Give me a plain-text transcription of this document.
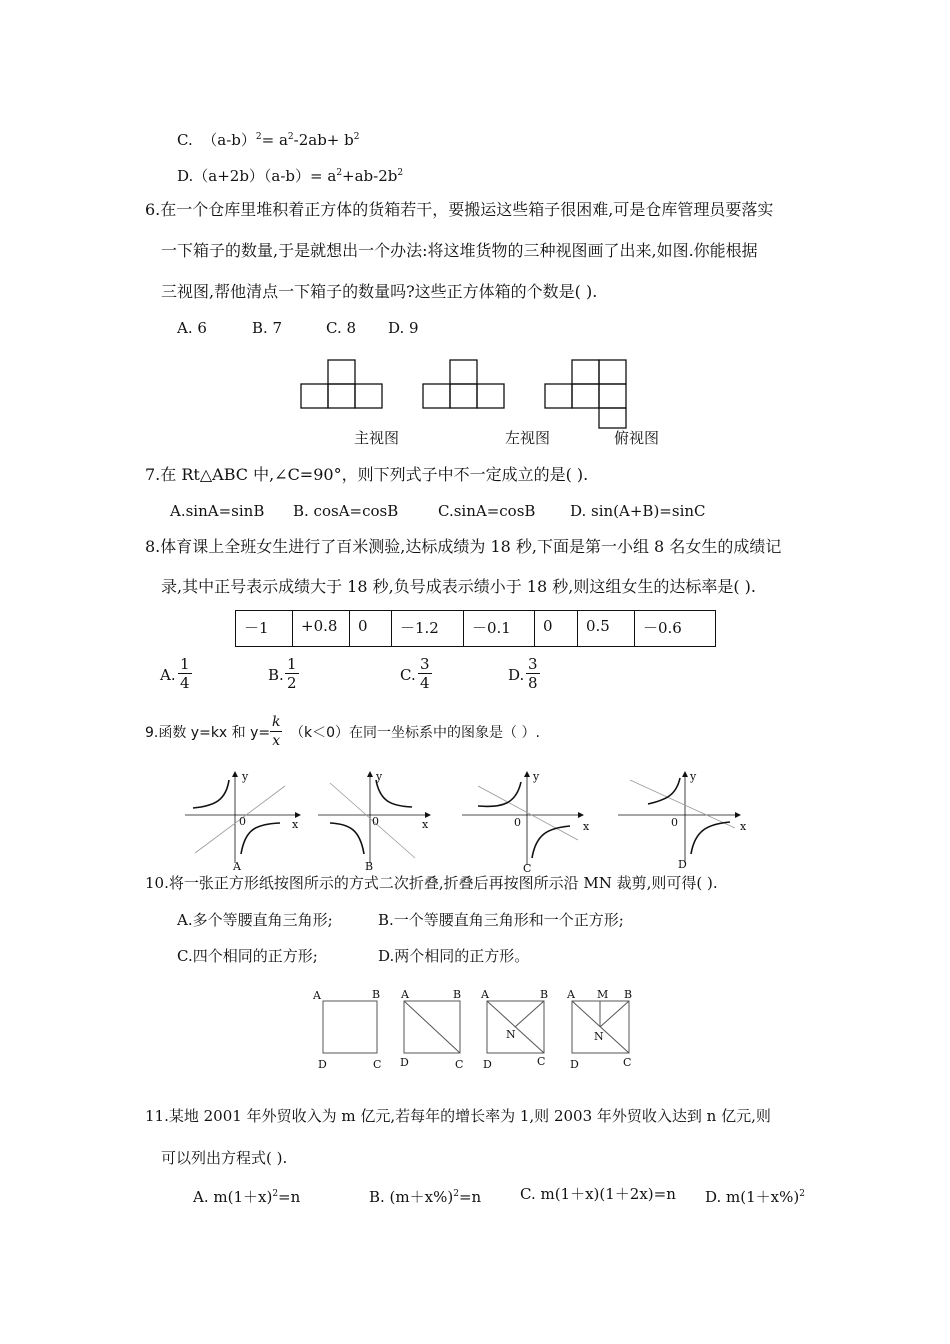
C. $(a-b)^2= a^2-2ab+ b^2$
$D.(a+2b)(a-b)= a^2+ab-2b^2$
6.在一个仓库里堆积着正方体的货箱若干，要搬运这些箱子很困难,可是仓库管理员要落实
一下箱子的数量,于是就想出一个办法:将这堆货物的三种视图画了出来,如图.你能根据
三视图,帮他清点一下箱子的数量吗?这些正方体箱的个数是( ).
A. 6	B. 7	C. 8 D. 9
主视图	左视图	俯视图
7.在 Rt△ABC 中,∠C=90°，则下列式子中不一定成立的是( ).
A.sinA=sinB B. cosA=cosB	C.sinA=cosB D. sin(A+B)=sinC
8.体育课上全班女生进行了百米测验,达标成绩为 18 秒,下面是第一小组 8 名女生的成绩记
录,其中正号表示成绩大于 18 秒,负号成表示绩小于 18 秒,则这组女生的达标率是( ).
－1	+0.8	0	－1.2	－0.1	0	0.5	－0.6
A. $\frac{1}{4}$	B. $\frac{1}{2}$	C. $\frac{3}{4}$	D. $\frac{3}{8}$
9.函数 y=kx 和 $y= \frac{k}{x} (k<0)$在同一坐标系中的图象是（ ）.
y
x
0
A
y
x
0
B
y
x
0
C
y
x
0
D
10.将一张正方形纸按图所示的方式二次折叠,折叠后再按图所示沿 MN 裁剪,则可得( ).
A.多个等腰直角三角形;	B.一个等腰直角三角形和一个正方形;
C.四个相同的正方形;	D.两个相同的正方形。
A	B
D	C
A	B
D	C
A	B
N
D	C
A M B
N
D	C
11.某地 2001 年外贸收入为 m 亿元,若每年的增长率为 1,则 2003 年外贸收入达到 n 亿元,则
可以列出方程式( ).
A. $m(1+x)^2=n$	B. $(m+x\%)^2=n$	C. m(1＋x)(1＋2x)=n D. $m(1+x\%)^2$
